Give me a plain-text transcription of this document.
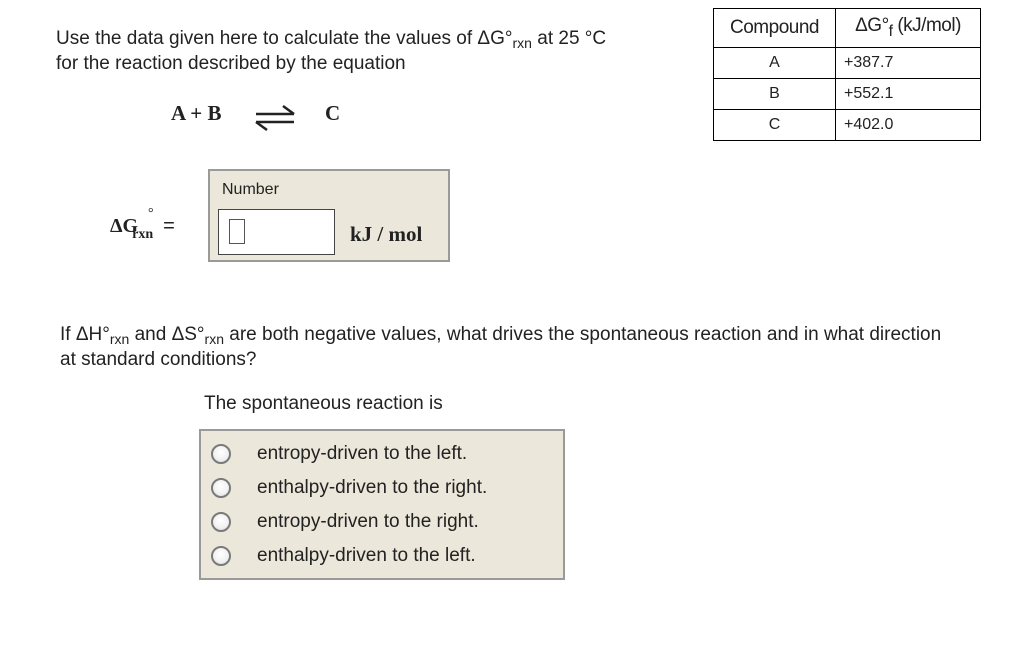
Use the data given here to calculate the values of $\Delta G^\circ_{rxn}$ at 25 °C
for the reaction described by the equation
A + B	C
Compound	$\Delta G^\circ_f$ (kJ/mol)
A	+387.7
B	+552.1
C	+402.0
ΔG
°
$_{rxn}$ =
Number
kJ / mol
If $\Delta H^\circ_{rxn}$ and $\Delta S^\circ_{rxn}$ are both negative values, what drives the spontaneous reaction and in what direction at standard conditions?
The spontaneous reaction is
entropy-driven to the left.
enthalpy-driven to the right.
entropy-driven to the right.
enthalpy-driven to the left.
